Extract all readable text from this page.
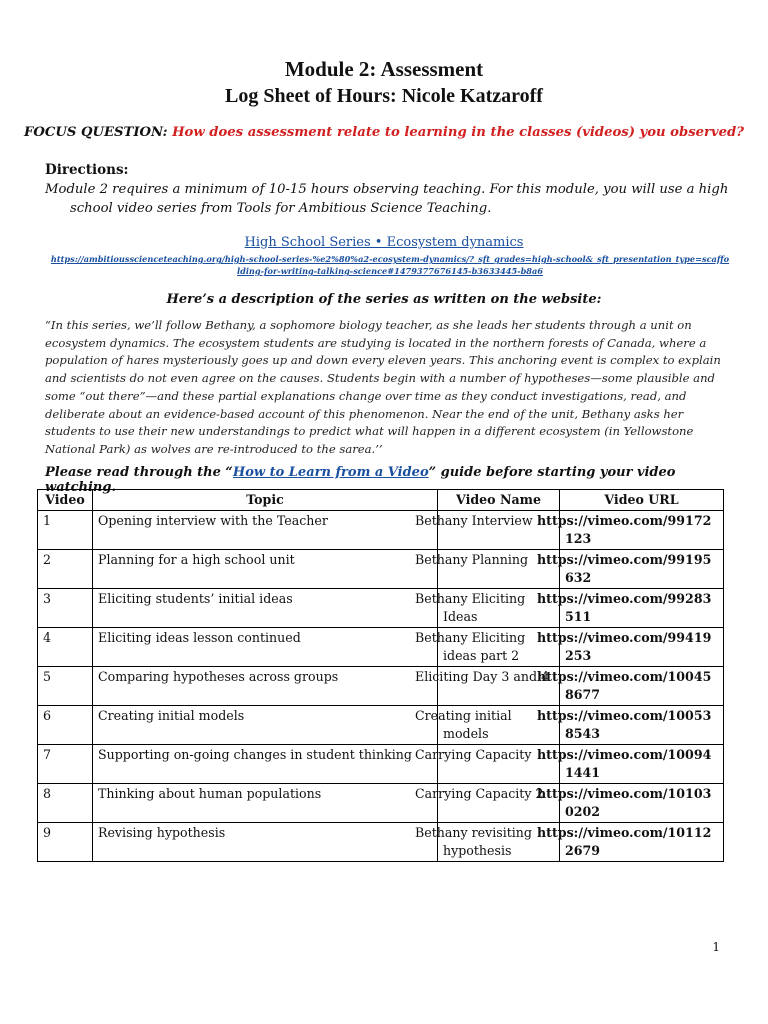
Module 2: Assessment
Log Sheet of Hours: Nicole Katzaroff
FOCUS QUESTION: How does assessment relate to learning in the classes (videos) you observed?
Directions:
Module 2 requires a minimum of 10-15 hours observing teaching. For this module, you will use a high school video series from Tools for Ambitious Science Teaching.
High School Series • Ecosystem dynamics
https://ambitiousscienceteaching.org/high-school-series-%e2%80%a2-ecosystem-dynamics/?_sft_grades=high-school&_sft_presentation_type=scaffolding-for-writing-talking-science#1479377676145-b3633445-b8a6
Here’s a description of the series as written on the website:
“In this series, we’ll follow Bethany, a sophomore biology teacher, as she leads her students through a unit on ecosystem dynamics. The ecosystem students are studying is located in the northern forests of Canada, where a population of hares mysteriously goes up and down every eleven years. This anchoring event is complex to explain and scientists do not even agree on the causes. Students begin with a number of hypotheses—some plausible and some “out there”—and these partial explanations change over time as they conduct investigations, read, and deliberate about an evidence-based account of this phenomenon. Near the end of the unit, Bethany asks her students to use their new understandings to predict what will happen in a different ecosystem (in Yellowstone National Park) as wolves are re-introduced to the sarea.’’
Please read through the “How to Learn from a Video” guide before starting your video watching.
Video	Topic	Video Name	Video URL
1	Opening interview with the Teacher	Bethany Interview	https://vimeo.com/99172123
2	Planning for a high school unit	Bethany Planning	https://vimeo.com/99195632
3	Eliciting students’ initial ideas	Bethany Eliciting Ideas	https://vimeo.com/99283511
4	Eliciting ideas lesson continued	Bethany Eliciting ideas part 2	https://vimeo.com/99419253
5	Comparing hypotheses across groups	Eliciting Day 3 and 4	https://vimeo.com/100458677
6	Creating initial models	Creating initial models	https://vimeo.com/100538543
7	Supporting on-going changes in student thinking	Carrying Capacity	https://vimeo.com/100941441
8	Thinking about human populations	Carrying Capacity 2	https://vimeo.com/101030202
9	Revising hypothesis	Bethany revisiting hypothesis	https://vimeo.com/101122679
1
